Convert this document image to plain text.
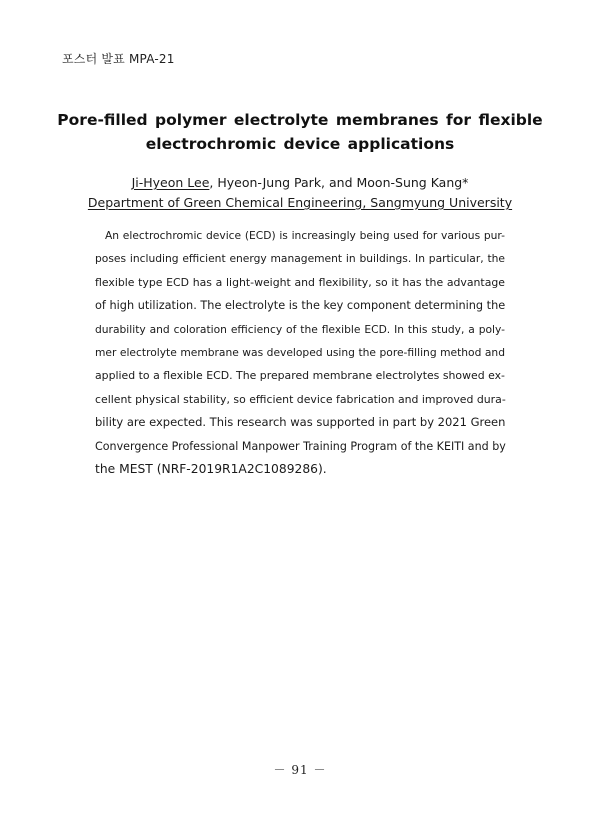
포스터 발표 MPA-21
Pore-filled polymer electrolyte membranes for flexible
electrochromic device applications
Ji-Hyeon Lee, Hyeon-Jung Park, and Moon-Sung Kang*
Department of Green Chemical Engineering, Sangmyung University
An electrochromic device (ECD) is increasingly being used for various pur-
poses including efficient energy management in buildings. In particular, the
flexible type ECD has a light-weight and flexibility, so it has the advantage
of high utilization. The electrolyte is the key component determining the
durability and coloration efficiency of the flexible ECD. In this study, a poly-
mer electrolyte membrane was developed using the pore-filling method and
applied to a flexible ECD. The prepared membrane electrolytes showed ex-
cellent physical stability, so efficient device fabrication and improved dura-
bility are expected. This research was supported in part by 2021 Green
Convergence Professional Manpower Training Program of the KEITI and by
the MEST (NRF-2019R1A2C1089286).
－ 91 －
